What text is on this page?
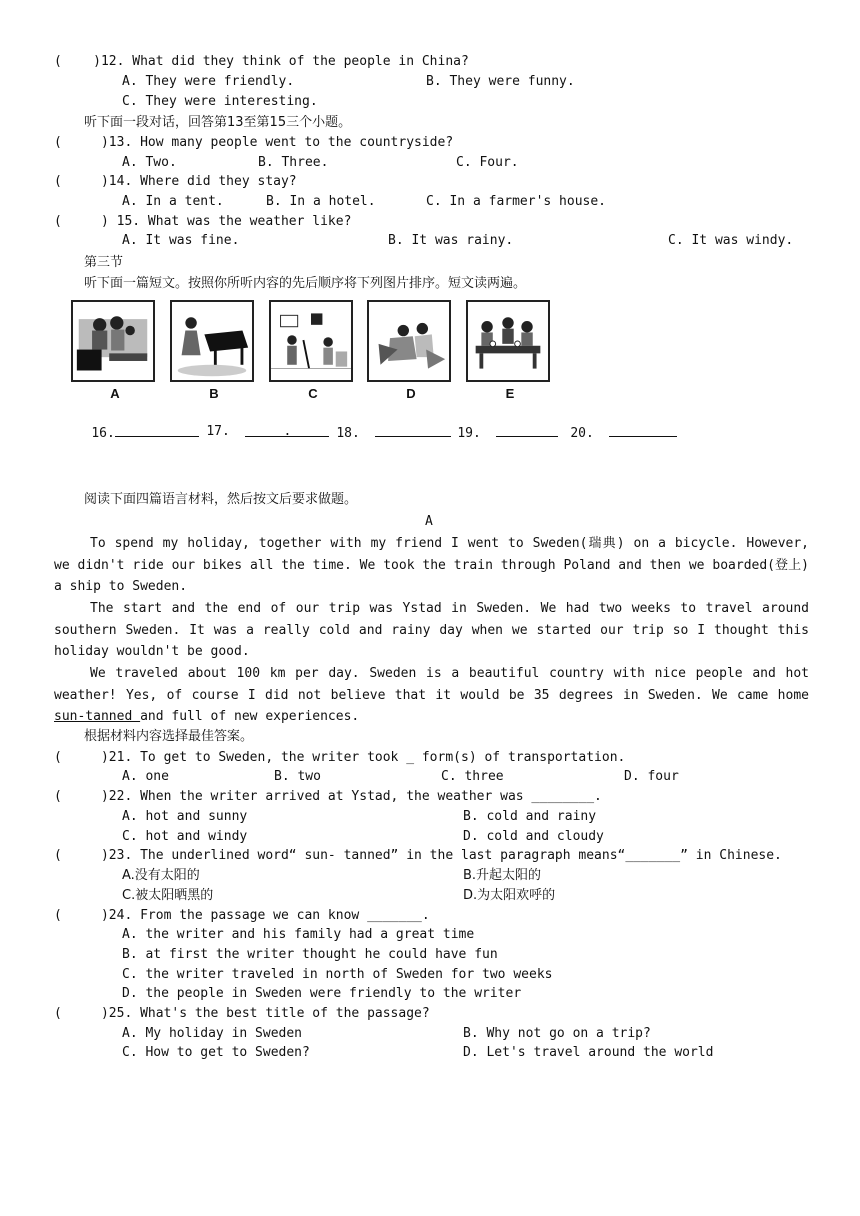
(    )12. What did they think of the people in China?
A. They were friendly.	B. They were funny.
C. They were interesting.
听下面一段对话，回答第13至第15三个小题。
(     )13. How many people went to the countryside?
A. Two.	B. Three.	C. Four.
(     )14. Where did they stay?
A. In a tent.	B. In a hotel.	C. In a farmer's house.
(     ) 15. What was the weather like?
A. It was fine.	B. It was rainy.	C. It was windy.
第三节
听下面一篇短文。按照你所听内容的先后顺序将下列图片排序。短文读两遍。
A	B	C	D	E

16.
	17.	.
	18.
	19.
	20.

阅读下面四篇语言材料，然后按文后要求做题。
A
To spend my holiday, together with my friend I went to Sweden(瑞典) on a bicycle. However, we didn't ride our bikes all the time. We took the train through Poland and then we boarded(登上) a ship to Sweden.
The start and the end of our trip was Ystad in Sweden. We had two weeks to travel around southern Sweden. It was a really cold and rainy day when we started our trip so I thought this holiday wouldn't be good.
We traveled about 100 km per day. Sweden is a beautiful country with nice people and hot weather! Yes, of course I did not believe that it would be 35 degrees in Sweden. We came home sun-tanned and full of new experiences.
根据材料内容选择最佳答案。
(     )21. To get to Sweden, the writer took _ form(s) of transportation.
A. one	B. two	C. three	D. four
(     )22. When the writer arrived at Ystad, the weather was ________.
A. hot and sunny	B. cold and rainy
C. hot and windy	D. cold and cloudy
(     )23. The underlined word“ sun- tanned” in the last paragraph means“_______” in Chinese.
A.没有太阳的	B.升起太阳的
C.被太阳晒黑的	D.为太阳欢呼的
(     )24. From the passage we can know _______.
A. the writer and his family had a great time
B. at first the writer thought he could have fun
C. the writer traveled in north of Sweden for two weeks
D. the people in Sweden were friendly to the writer
(     )25. What's the best title of the passage?
A. My holiday in Sweden	B. Why not go on a trip?
C. How to get to Sweden?	D. Let's travel around the world
